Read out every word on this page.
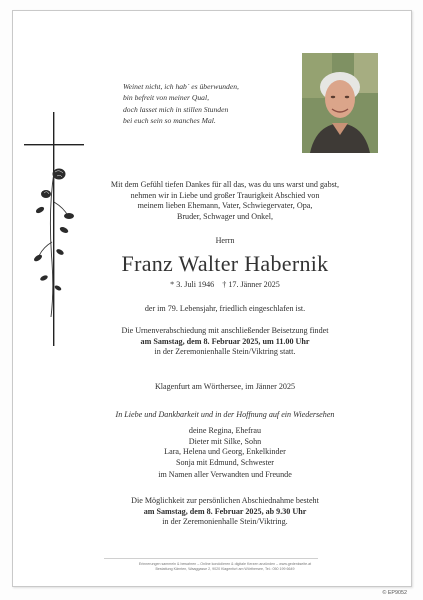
Weinet nicht, ich hab` es überwunden,
bin befreit von meiner Qual,
doch lasset mich in stillen Stunden
bei euch sein so manches Mal.
Mit dem Gefühl tiefen Dankes für all das, was du uns warst und gabst,
nehmen wir in Liebe und großer Traurigkeit Abschied von
meinem lieben Ehemann, Vater, Schwiegervater, Opa,
Bruder, Schwager und Onkel,
Herrn
Franz Walter Habernik
* 3. Juli 1946    † 17. Jänner 2025
der im 79. Lebensjahr, friedlich eingeschlafen ist.
Die Urnenverabschiedung mit anschließender Beisetzung findet
am Samstag, dem 8. Februar 2025, um 11.00 Uhr
in der Zeremonienhalle Stein/Viktring statt.
Klagenfurt am Wörthersee, im Jänner 2025
In Liebe und Dankbarkeit und in der Hoffnung auf ein Wiedersehen
deine Regina, Ehefrau
Dieter mit Silke, Sohn
Lara, Helena und Georg, Enkelkinder
Sonja mit Edmund, Schwester
im Namen aller Verwandten und Freunde
Die Möglichkeit zur persönlichen Abschiednahme besteht
am Samstag, dem 8. Februar 2025, ab 9.30 Uhr
in der Zeremonienhalle Stein/Viktring.
Erinnerungen sammeln & bewahren – Online kondolieren & digitale Kerzen anzünden – www.gedenkseite.at
Bestattung Kärnten, Waaggasse 2, 9020 Klagenfurt am Wörthersee, Tel.: 050 199 6649
© EP9052
